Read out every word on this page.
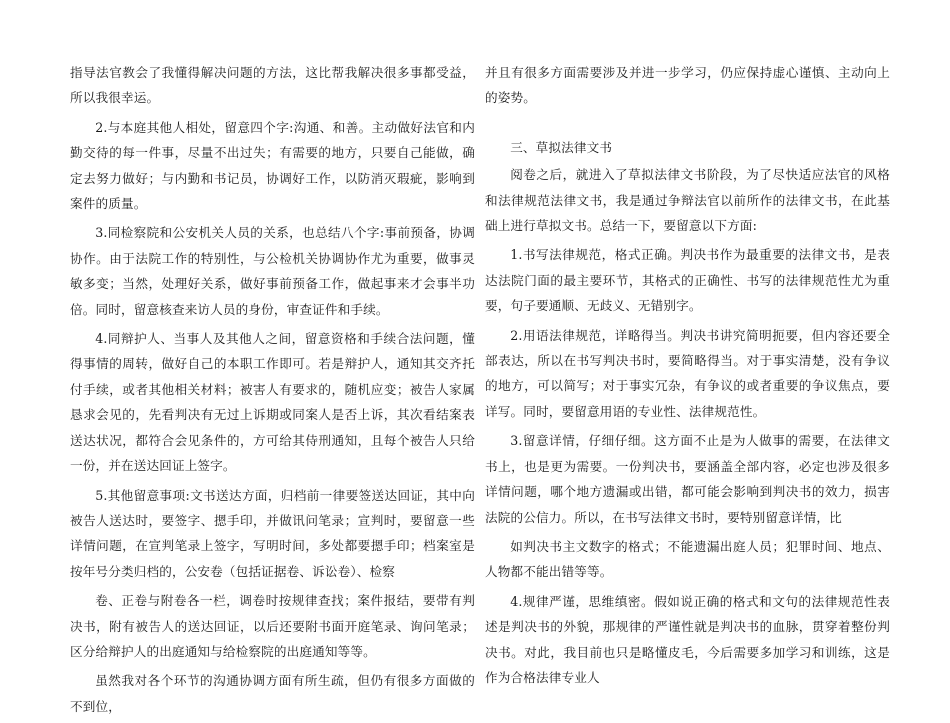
指导法官教会了我懂得解决问题的方法，这比帮我解决很多事都受益，所以我很幸运。

2.与本庭其他人相处，留意四个字:沟通、和善。主动做好法官和内勤交待的每一件事，尽量不出过失；有需要的地方，只要自己能做，确定去努力做好；与内勤和书记员，协调好工作，以防消灭瑕疵，影响到案件的质量。

3.同检察院和公安机关人员的关系，也总结八个字:事前预备，协调协作。由于法院工作的特别性，与公检机关协调协作尤为重要，做事灵敏多变；当然，处理好关系，做好事前预备工作，做起事来才会事半功倍。同时，留意核查来访人员的身份，审查证件和手续。

4.同辩护人、当事人及其他人之间，留意资格和手续合法问题，懂得事情的周转，做好自己的本职工作即可。若是辩护人，通知其交齐托付手续，或者其他相关材料；被害人有要求的，随机应变；被告人家属恳求会见的，先看判决有无过上诉期或同案人是否上诉，其次看结案表送达状况，都符合会见条件的，方可给其侍刑通知，且每个被告人只给一份，并在送达回证上签字。

5.其他留意事项:文书送达方面，归档前一律要签送达回证，其中向被告人送达时，要签字、摁手印，并做讯问笔录；宣判时，要留意一些详情问题，在宣判笔录上签字，写明时间，多处都要摁手印；档案室是按年号分类归档的，公安卷（包括证据卷、诉讼卷）、检察

卷、正卷与附卷各一栏，调卷时按规律查找；案件报结，要带有判决书，附有被告人的送达回证，以后还要附书面开庭笔录、询问笔录；区分给辩护人的出庭通知与给检察院的出庭通知等等。

虽然我对各个环节的沟通协调方面有所生疏，但仍有很多方面做的不到位，

并且有很多方面需要涉及并进一步学习，仍应保持虚心谨慎、主动向上的姿势。

三、草拟法律文书

阅卷之后，就进入了草拟法律文书阶段，为了尽快适应法官的风格和法律规范法律文书，我是通过争辩法官以前所作的法律文书，在此基础上进行草拟文书。总结一下，要留意以下方面:

1.书写法律规范，格式正确。判决书作为最重要的法律文书，是表达法院门面的最主要环节，其格式的正确性、书写的法律规范性尤为重要，句子要通顺、无歧义、无错别字。

2.用语法律规范，详略得当。判决书讲究简明扼要，但内容还要全部表达，所以在书写判决书时，要简略得当。对于事实清楚，没有争议的地方，可以简写；对于事实冗杂，有争议的或者重要的争议焦点，要详写。同时，要留意用语的专业性、法律规范性。

3.留意详情，仔细仔细。这方面不止是为人做事的需要，在法律文书上，也是更为需要。一份判决书，要涵盖全部内容，必定也涉及很多详情问题，哪个地方遗漏或出错，都可能会影响到判决书的效力，损害法院的公信力。所以，在书写法律文书时，要特别留意详情，比

如判决书主文数字的格式；不能遗漏出庭人员；犯罪时间、地点、人物都不能出错等等。

4.规律严谨，思维缜密。假如说正确的格式和文句的法律规范性表述是判决书的外貌，那规律的严谨性就是判决书的血脉，贯穿着整份判决书。对此，我目前也只是略懂皮毛，今后需要多加学习和训练，这是作为合格法律专业人
